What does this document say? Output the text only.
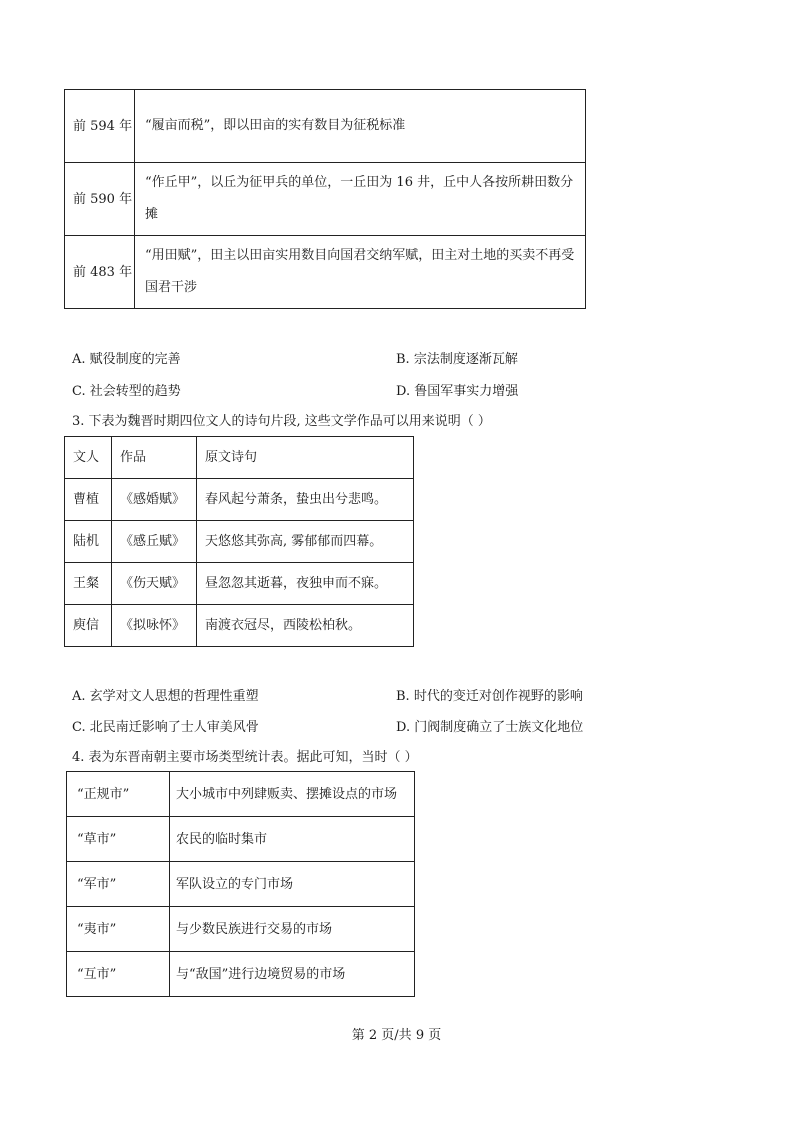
前 594 年	“履亩而税”，即以田亩的实有数目为征税标准
前 590 年	“作丘甲”，以丘为征甲兵的单位，一丘田为 16 井，丘中人各按所耕田数分摊
前 483 年	“用田赋”，田主以田亩实用数目向国君交纳军赋，田主对土地的买卖不再受国君干涉
A. 赋役制度的完善	B. 宗法制度逐渐瓦解
C. 社会转型的趋势	D. 鲁国军事实力增强
3. 下表为魏晋时期四位文人的诗句片段, 这些文学作品可以用来说明（ ）
文人	作品	原文诗句
曹植	《感婚赋》	春风起兮萧条，蛰虫出兮悲鸣。
陆机	《感丘赋》	天悠悠其弥高, 雾郁郁而四幕。
王粲	《伤天赋》	昼忽忽其逝暮，夜独申而不寐。
庾信	《拟咏怀》	南渡衣冠尽，西陵松柏秋。
A. 玄学对文人思想的哲理性重塑	B. 时代的变迁对创作视野的影响
C. 北民南迁影响了士人审美风骨	D. 门阀制度确立了士族文化地位
4. 表为东晋南朝主要市场类型统计表。据此可知，当时（ ）
“正规市”	大小城市中列肆贩卖、摆摊设点的市场
“草市”	农民的临时集市
“军市”	军队设立的专门市场
“夷市”	与少数民族进行交易的市场
“互市”	与“敌国”进行边境贸易的市场
第 2 页/共 9 页
